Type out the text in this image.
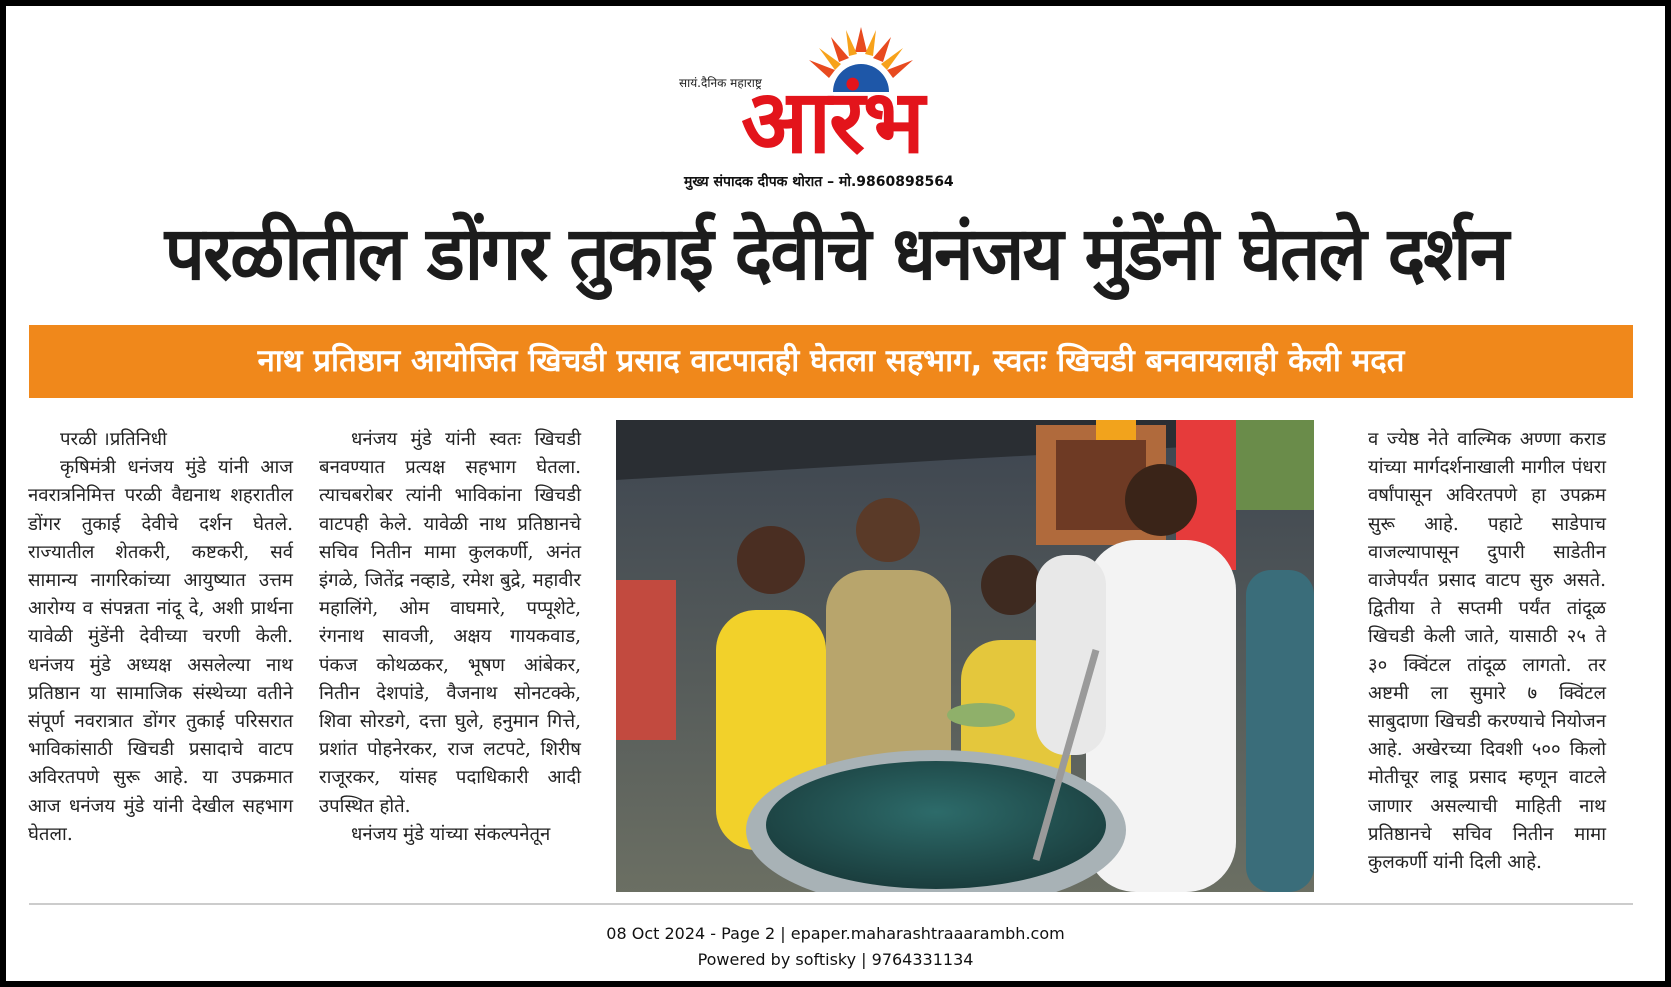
सायं.दैनिक महाराष्ट्र
आरंभ
मुख्य संपादक दीपक थोरात – मो.9860898564
परळीतील डोंगर तुकाई देवीचे धनंजय मुंडेंनी घेतले दर्शन
नाथ प्रतिष्ठान आयोजित खिचडी प्रसाद वाटपातही घेतला सहभाग, स्वतः खिचडी बनवायलाही केली मदत

परळी ।प्रतिनिधी

कृषिमंत्री धनंजय मुंडे यांनी आज नवरात्रनिमित्त परळी वैद्यनाथ शहरातील डोंगर तुकाई देवीचे दर्शन घेतले. राज्यातील शेतकरी, कष्टकरी, सर्व सामान्य नागरिकांच्या आयुष्यात उत्तम आरोग्य व संपन्नता नांदू दे, अशी प्रार्थना यावेळी मुंडेंनी देवीच्या चरणी केली. धनंजय मुंडे अध्यक्ष असलेल्या नाथ प्रतिष्ठान या सामाजिक संस्थेच्या वतीने संपूर्ण नवरात्रात डोंगर तुकाई परिसरात भाविकांसाठी खिचडी प्रसादाचे वाटप अविरतपणे सुरू आहे. या उपक्रमात आज धनंजय मुंडे यांनी देखील सहभाग घेतला.

धनंजय मुंडे यांनी स्वतः खिचडी बनवण्यात प्रत्यक्ष सहभाग घेतला. त्याचबरोबर त्यांनी भाविकांना खिचडी वाटपही केले. यावेळी नाथ प्रतिष्ठानचे सचिव नितीन मामा कुलकर्णी, अनंत इंगळे, जितेंद्र नव्हाडे, रमेश बुद्रे, महावीर महालिंगे, ओम वाघमारे, पप्पूशेटे, रंगनाथ सावजी, अक्षय गायकवाड, पंकज कोथळकर, भूषण आंबेकर, नितीन देशपांडे, वैजनाथ सोनटक्के, शिवा सोरडगे, दत्ता घुले, हनुमान गित्ते, प्रशांत पोहनेरकर, राज लटपटे, शिरीष राजूरकर, यांसह पदाधिकारी आदी उपस्थित होते.

धनंजय मुंडे यांच्या संकल्पनेतून

व ज्येष्ठ नेते वाल्मिक अण्णा कराड यांच्या मार्गदर्शनाखाली मागील पंधरा वर्षांपासून अविरतपणे हा उपक्रम सुरू आहे. पहाटे साडेपाच वाजल्यापासून दुपारी साडेतीन वाजेपर्यंत प्रसाद वाटप सुरु असते. द्वितीया ते सप्तमी पर्यंत तांदूळ खिचडी केली जाते, यासाठी २५ ते ३० क्विंटल तांदूळ लागतो. तर अष्टमी ला सुमारे ७ क्विंटल साबुदाणा खिचडी करण्याचे नियोजन आहे. अखेरच्या दिवशी ५०० किलो मोतीचूर लाडू प्रसाद म्हणून वाटले जाणार असल्याची माहिती नाथ प्रतिष्ठानचे सचिव नितीन मामा कुलकर्णी यांनी दिली आहे.

08 Oct 2024 - Page 2 | epaper.maharashtraaarambh.com
Powered by softisky | 9764331134
